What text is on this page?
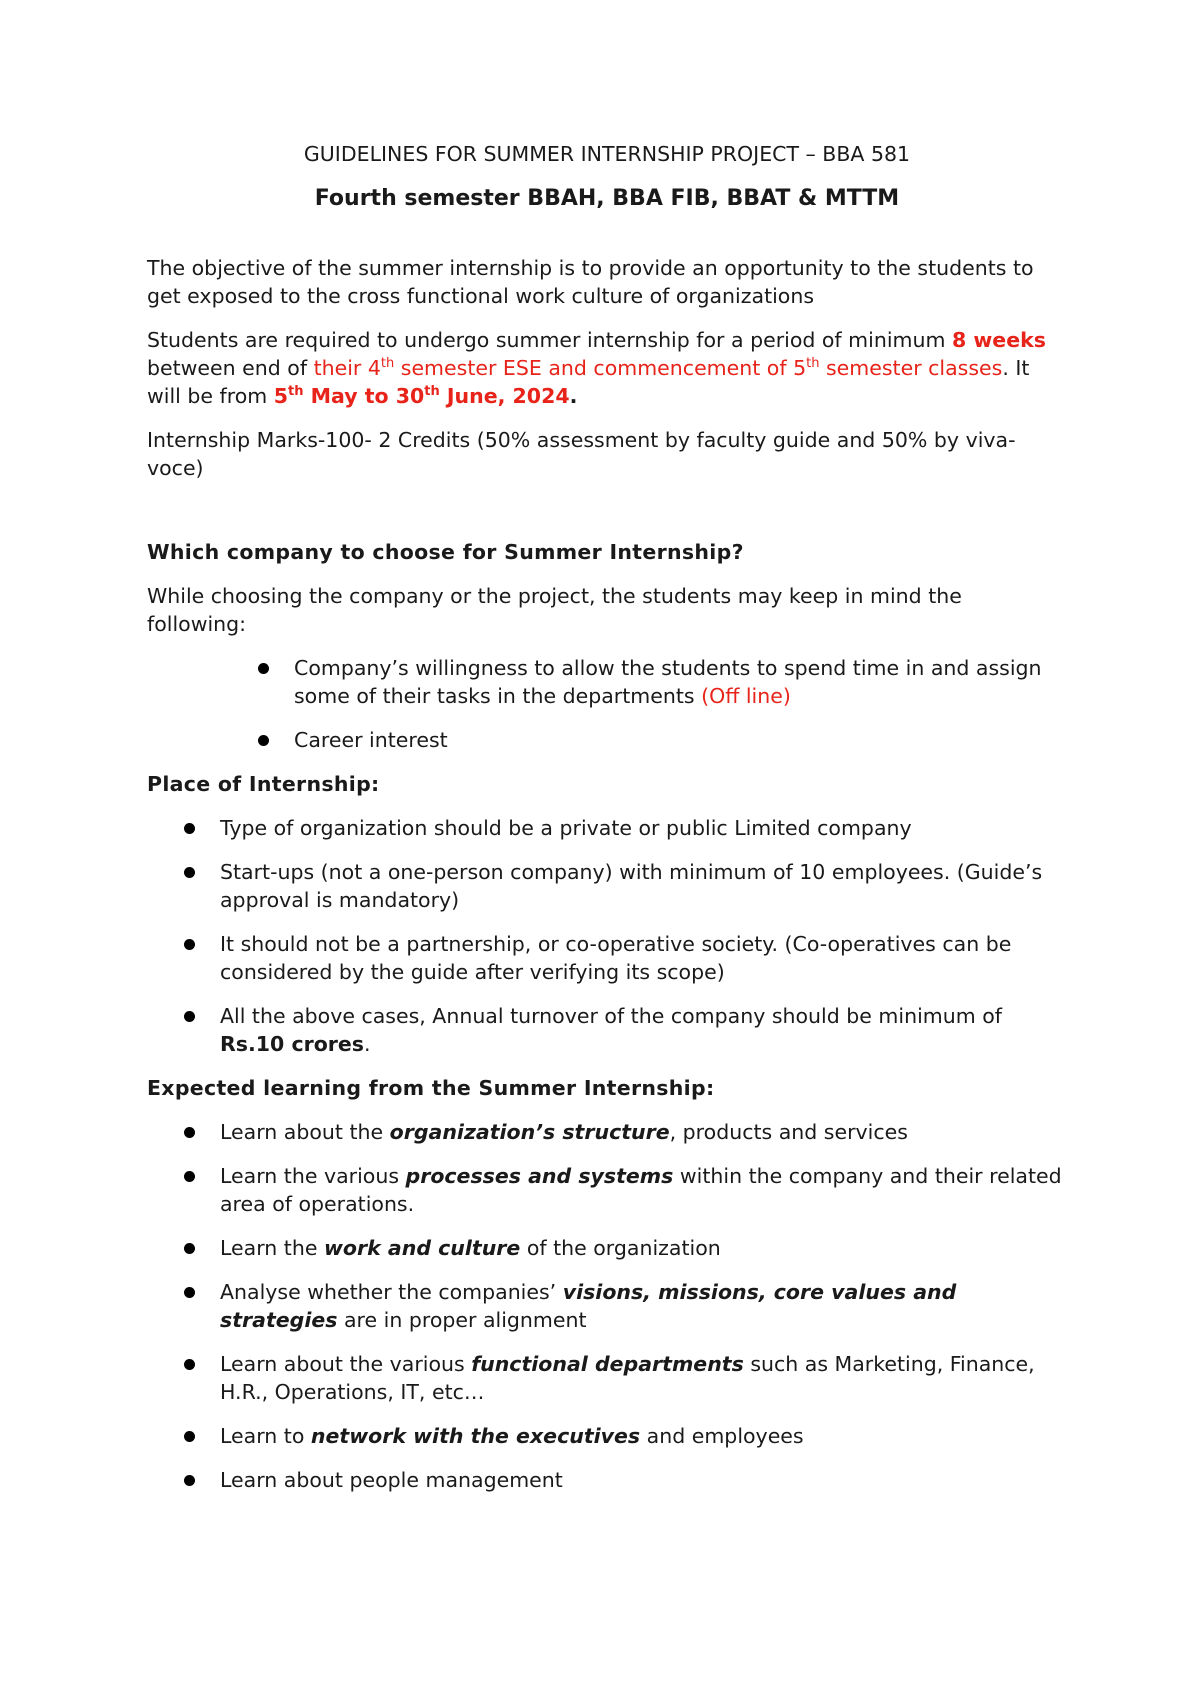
GUIDELINES FOR SUMMER INTERNSHIP PROJECT – BBA 581

Fourth semester BBAH, BBA FIB, BBAT & MTTM

The objective of the summer internship is to provide an opportunity to the students to get exposed to the cross functional work culture of organizations

Students are required to undergo summer internship for a period of minimum 8 weeks between end of their 4th semester ESE and commencement of 5th semester classes. It will be from 5th May to 30th June, 2024.

Internship Marks-100- 2 Credits (50% assessment by faculty guide and 50% by viva- voce)

Which company to choose for Summer Internship?

While choosing the company or the project, the students may keep in mind the following:

Company’s willingness to allow the students to spend time in and assign some of their tasks in the departments (Off line)
Career interest

Place of Internship:

Type of organization should be a private or public Limited company
Start-ups (not a one-person company) with minimum of 10 employees. (Guide’s approval is mandatory)
It should not be a partnership, or co-operative society. (Co-operatives can be considered by the guide after verifying its scope)
All the above cases, Annual turnover of the company should be minimum of Rs.10 crores.

Expected learning from the Summer Internship:

Learn about the organization’s structure, products and services
Learn the various processes and systems within the company and their related area of operations.
Learn the work and culture of the organization
Analyse whether the companies’ visions, missions, core values and strategies are in proper alignment
Learn about the various functional departments such as Marketing, Finance, H.R., Operations, IT, etc…
Learn to network with the executives and employees
Learn about people management
